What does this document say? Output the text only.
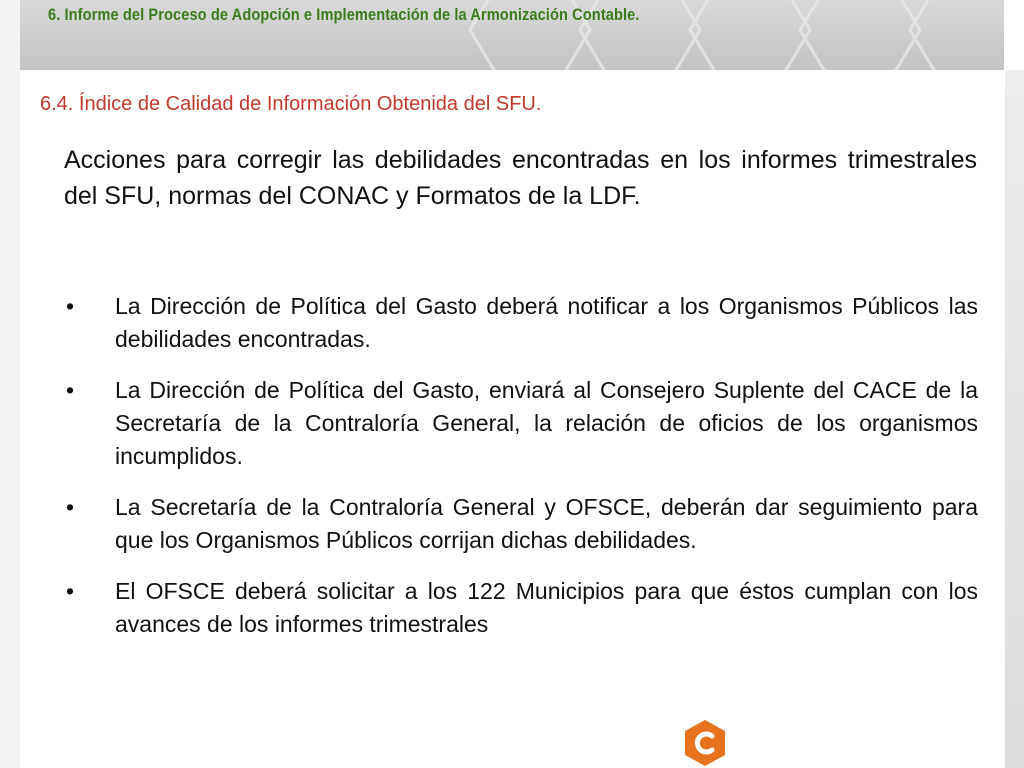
6. Informe del Proceso de Adopción e Implementación de la Armonización Contable.
6.4. Índice de Calidad de Información Obtenida del SFU.

Acciones para corregir las debilidades encontradas en los informes trimestrales del SFU, normas del CONAC y Formatos de la LDF.

• La Dirección de Política del Gasto deberá notificar a los Organismos Públicos las debilidades encontradas.
• La Dirección de Política del Gasto, enviará al Consejero Suplente del CACE de la Secretaría de la Contraloría General, la relación de oficios de los organismos incumplidos.
• La Secretaría de la Contraloría General y OFSCE, deberán dar seguimiento para que los Organismos Públicos corrijan dichas debilidades.
• El OFSCE deberá solicitar a los 122 Municipios para que éstos cumplan con los avances de los informes trimestrales
